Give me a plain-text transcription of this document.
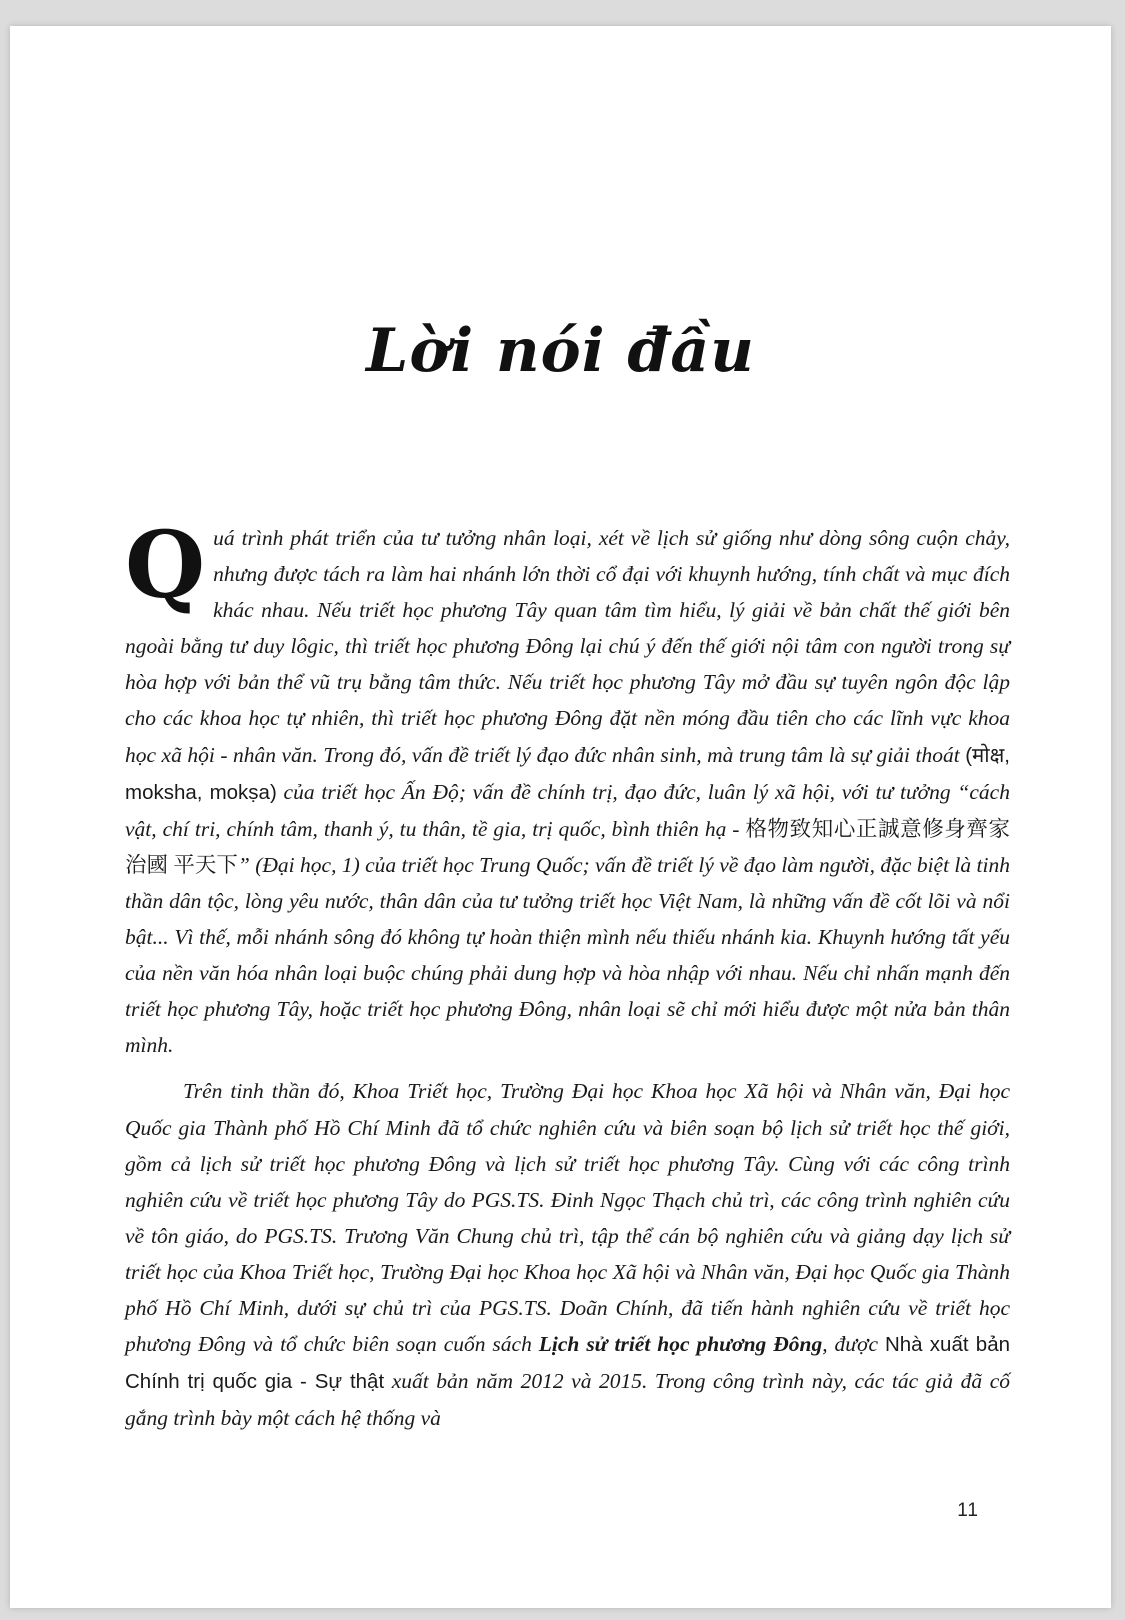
Lời nói đầu

Quá trình phát triển của tư tưởng nhân loại, xét về lịch sử giống như dòng sông cuộn chảy, nhưng được tách ra làm hai nhánh lớn thời cổ đại với khuynh hướng, tính chất và mục đích khác nhau. Nếu triết học phương Tây quan tâm tìm hiểu, lý giải về bản chất thế giới bên ngoài bằng tư duy lôgic, thì triết học phương Đông lại chú ý đến thế giới nội tâm con người trong sự hòa hợp với bản thể vũ trụ bằng tâm thức. Nếu triết học phương Tây mở đầu sự tuyên ngôn độc lập cho các khoa học tự nhiên, thì triết học phương Đông đặt nền móng đầu tiên cho các lĩnh vực khoa học xã hội - nhân văn. Trong đó, vấn đề triết lý đạo đức nhân sinh, mà trung tâm là sự giải thoát (मोक्ष, moksha, mokṣa) của triết học Ấn Độ; vấn đề chính trị, đạo đức, luân lý xã hội, với tư tưởng “cách vật, chí tri, chính tâm, thanh ý, tu thân, tề gia, trị quốc, bình thiên hạ - 格物致知心正誠意修身齊家治國 平天下” (Đại học, 1) của triết học Trung Quốc; vấn đề triết lý về đạo làm người, đặc biệt là tinh thần dân tộc, lòng yêu nước, thân dân của tư tưởng triết học Việt Nam, là những vấn đề cốt lõi và nổi bật... Vì thế, mỗi nhánh sông đó không tự hoàn thiện mình nếu thiếu nhánh kia. Khuynh hướng tất yếu của nền văn hóa nhân loại buộc chúng phải dung hợp và hòa nhập với nhau. Nếu chỉ nhấn mạnh đến triết học phương Tây, hoặc triết học phương Đông, nhân loại sẽ chỉ mới hiểu được một nửa bản thân mình.

Trên tinh thần đó, Khoa Triết học, Trường Đại học Khoa học Xã hội và Nhân văn, Đại học Quốc gia Thành phố Hồ Chí Minh đã tổ chức nghiên cứu và biên soạn bộ lịch sử triết học thế giới, gồm cả lịch sử triết học phương Đông và lịch sử triết học phương Tây. Cùng với các công trình nghiên cứu về triết học phương Tây do PGS.TS. Đinh Ngọc Thạch chủ trì, các công trình nghiên cứu về tôn giáo, do PGS.TS. Trương Văn Chung chủ trì, tập thể cán bộ nghiên cứu và giảng dạy lịch sử triết học của Khoa Triết học, Trường Đại học Khoa học Xã hội và Nhân văn, Đại học Quốc gia Thành phố Hồ Chí Minh, dưới sự chủ trì của PGS.TS. Doãn Chính, đã tiến hành nghiên cứu về triết học phương Đông và tổ chức biên soạn cuốn sách Lịch sử triết học phương Đông, được Nhà xuất bản Chính trị quốc gia - Sự thật xuất bản năm 2012 và 2015. Trong công trình này, các tác giả đã cố gắng trình bày một cách hệ thống và

11
